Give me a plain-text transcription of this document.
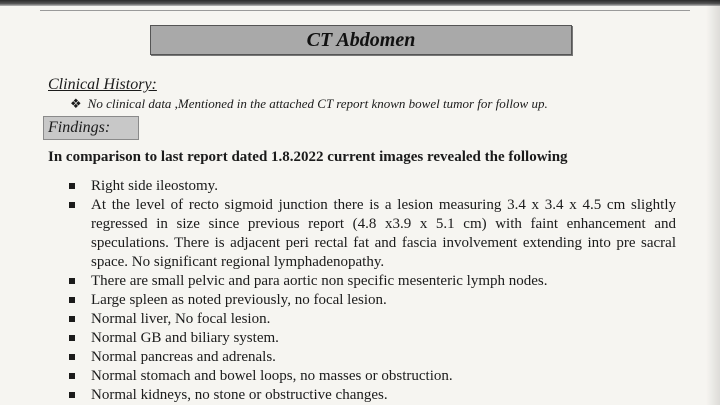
CT Abdomen
Clinical History:
❖ No clinical data ,Mentioned in the attached CT report known bowel tumor for follow up.
Findings:
In comparison to last report dated 1.8.2022 current images revealed the following
Right side ileostomy.
At the level of recto sigmoid junction there is a lesion measuring 3.4 x 3.4 x 4.5 cm slightly regressed in size since previous report (4.8 x3.9 x 5.1 cm) with faint enhancement and speculations. There is adjacent peri rectal fat and fascia involvement extending into pre sacral space. No significant regional lymphadenopathy.
There are small pelvic and para aortic non specific mesenteric lymph nodes.
Large spleen as noted previously, no focal lesion.
Normal liver, No focal lesion.
Normal GB and biliary system.
Normal pancreas and adrenals.
Normal stomach and bowel loops, no masses or obstruction.
Normal kidneys, no stone or obstructive changes.
